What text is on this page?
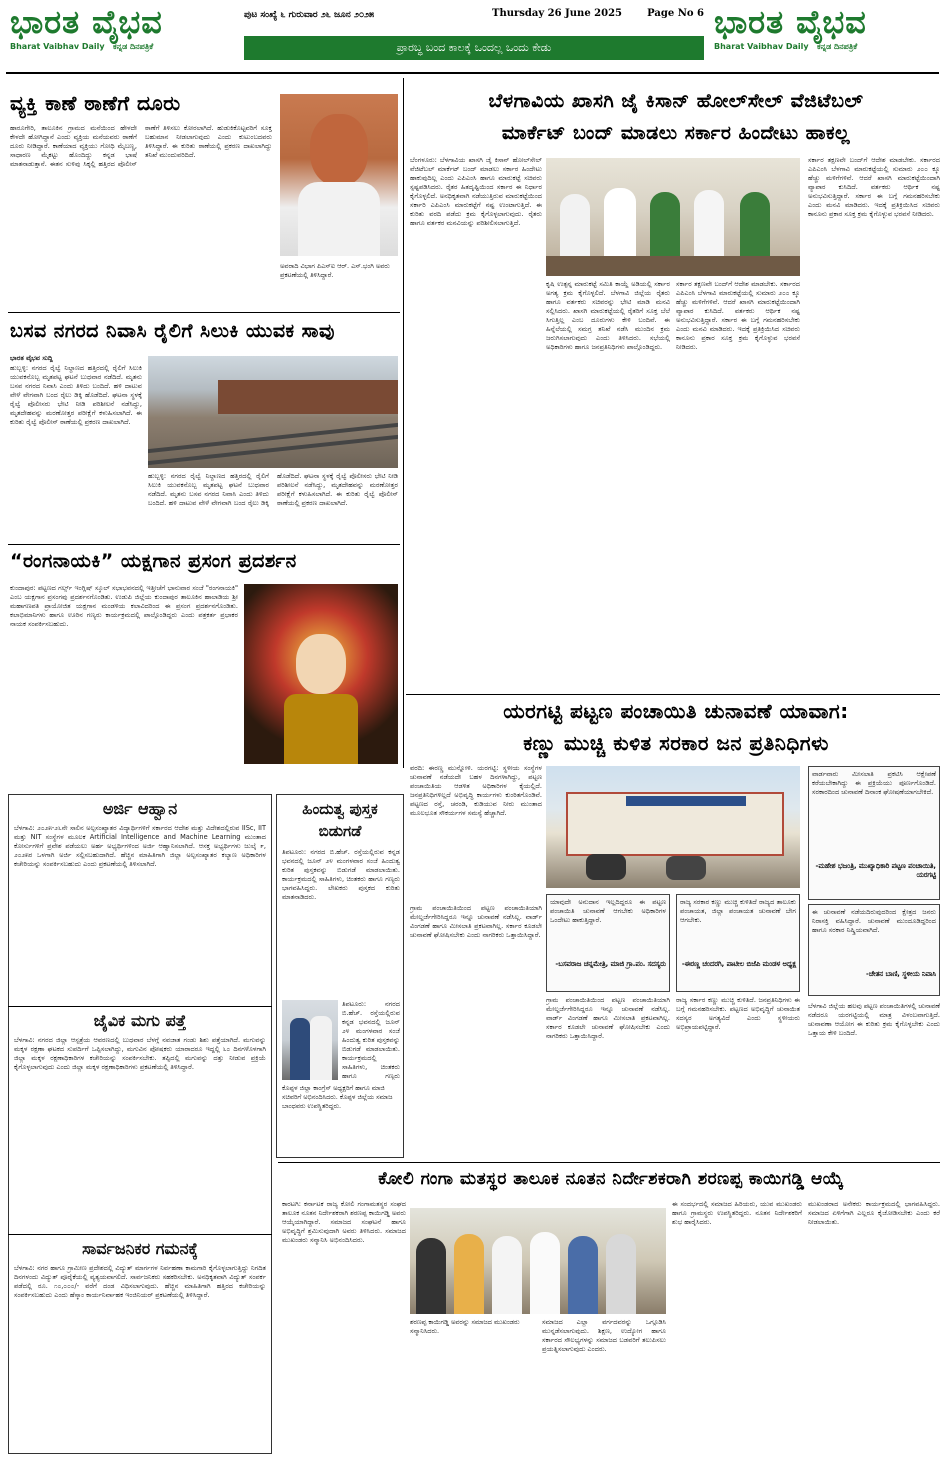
ಭಾರತ ವೈಭವ
Bharat Vaibhav Daily ಕನ್ನಡ ದಿನಪತ್ರಿಕೆ
ಪುಟ ಸಂಖ್ಯೆ ೬ ಗುರುವಾರ ೨೬ ಜೂನ ೨೦೨೫	Thursday 26 June 2025	Page No 6
ಪ್ರಾರಬ್ಧ ಬಂದ ಕಾಲಕ್ಕೆ ಒಂದಲ್ಲ ಒಂದು ಕೇಡು
ಭಾರತ ವೈಭವ
Bharat Vaibhav Daily ಕನ್ನಡ ದಿನಪತ್ರಿಕೆ
ವ್ಯಕ್ತಿ ಕಾಣೆ ಠಾಣೆಗೆ ದೂರು
ಹಾರೂಗೇರಿ, ತಾಲೂಕಿನ ಗ್ರಾಮದ ಮನೆಯಿಂದ ಹೇಳದೇ ಕೇಳದೇ ಹೋಗಿದ್ದಾನೆ ಎಂದು ವ್ಯಕ್ತಿಯ ಮನೆಯವರು ಠಾಣೆಗೆ ದೂರು ನೀಡಿದ್ದಾರೆ. ಕಾಣೆಯಾದ ವ್ಯಕ್ತಿಯು ಗೋಧಿ ಮೈಬಣ್ಣ, ಸಾಧಾರಣ ಮೈಕಟ್ಟು ಹೊಂದಿದ್ದು ಕನ್ನಡ ಭಾಷೆ ಮಾತನಾಡುತ್ತಾನೆ. ಈತನ ಸುಳಿವು ಸಿಕ್ಕಲ್ಲಿ ಹತ್ತಿರದ ಪೊಲೀಸ್ ಠಾಣೆಗೆ ತಿಳಿಸಲು ಕೋರಲಾಗಿದೆ. ಹುಡುಕಿಕೊಟ್ಟವರಿಗೆ ಸೂಕ್ತ ಬಹುಮಾನ ನೀಡಲಾಗುವುದು ಎಂದು ಕುಟುಂಬದವರು ತಿಳಿಸಿದ್ದಾರೆ. ಈ ಕುರಿತು ಠಾಣೆಯಲ್ಲಿ ಪ್ರಕರಣ ದಾಖಲಾಗಿದ್ದು ತನಿಖೆ ಮುಂದುವರಿದಿದೆ.
ಅವರಾದಿ ವಿಭಾಗ ಪಿಎಸ್ಐ ಆರ್. ಎಸ್.ಭಂಗಿ ಅವರು ಪ್ರಕಟಣೆಯಲ್ಲಿ ತಿಳಿಸಿದ್ದಾರೆ.
ಬಸವ ನಗರದ ನಿವಾಸಿ ರೈಲಿಗೆ ಸಿಲುಕಿ ಯುವಕ ಸಾವು
ಭಾರತ ವೈಭವ ಸುದ್ದಿ
ಹುಬ್ಬಳ್ಳಿ: ನಗರದ ರೈಲ್ವೆ ನಿಲ್ದಾಣದ ಹತ್ತಿರದಲ್ಲಿ ರೈಲಿಗೆ ಸಿಲುಕಿ ಯುವಕನೊಬ್ಬ ಮೃತಪಟ್ಟ ಘಟನೆ ಬುಧವಾರ ನಡೆದಿದೆ. ಮೃತನು ಬಸವ ನಗರದ ನಿವಾಸಿ ಎಂದು ತಿಳಿದು ಬಂದಿದೆ. ಹಳಿ ದಾಟುವ ವೇಳೆ ವೇಗವಾಗಿ ಬಂದ ರೈಲು ಡಿಕ್ಕಿ ಹೊಡೆದಿದೆ. ಘಟನಾ ಸ್ಥಳಕ್ಕೆ ರೈಲ್ವೆ ಪೊಲೀಸರು ಭೇಟಿ ನೀಡಿ ಪರಿಶೀಲನೆ ನಡೆಸಿದ್ದು, ಮೃತದೇಹವನ್ನು ಮರಣೋತ್ತರ ಪರೀಕ್ಷೆಗೆ ಕಳುಹಿಸಲಾಗಿದೆ. ಈ ಕುರಿತು ರೈಲ್ವೆ ಪೊಲೀಸ್ ಠಾಣೆಯಲ್ಲಿ ಪ್ರಕರಣ ದಾಖಲಾಗಿದೆ.
ಹುಬ್ಬಳ್ಳಿ: ನಗರದ ರೈಲ್ವೆ ನಿಲ್ದಾಣದ ಹತ್ತಿರದಲ್ಲಿ ರೈಲಿಗೆ ಸಿಲುಕಿ ಯುವಕನೊಬ್ಬ ಮೃತಪಟ್ಟ ಘಟನೆ ಬುಧವಾರ ನಡೆದಿದೆ. ಮೃತನು ಬಸವ ನಗರದ ನಿವಾಸಿ ಎಂದು ತಿಳಿದು ಬಂದಿದೆ. ಹಳಿ ದಾಟುವ ವೇಳೆ ವೇಗವಾಗಿ ಬಂದ ರೈಲು ಡಿಕ್ಕಿ ಹೊಡೆದಿದೆ. ಘಟನಾ ಸ್ಥಳಕ್ಕೆ ರೈಲ್ವೆ ಪೊಲೀಸರು ಭೇಟಿ ನೀಡಿ ಪರಿಶೀಲನೆ ನಡೆಸಿದ್ದು, ಮೃತದೇಹವನ್ನು ಮರಣೋತ್ತರ ಪರೀಕ್ಷೆಗೆ ಕಳುಹಿಸಲಾಗಿದೆ. ಈ ಕುರಿತು ರೈಲ್ವೆ ಪೊಲೀಸ್ ಠಾಣೆಯಲ್ಲಿ ಪ್ರಕರಣ ದಾಖಲಾಗಿದೆ.
“ರಂಗನಾಯಕಿ” ಯಕ್ಷಗಾನ ಪ್ರಸಂಗ ಪ್ರದರ್ಶನ
ಕುಂದಾಪುರ: ಪಟ್ಟಣದ ಗರ್ಲ್ಸ್ ಇಂಗ್ಲಿಷ್ ಸ್ಕೂಲ್ ಸಭಾಭವನದಲ್ಲಿ ಇತ್ತೀಚೆಗೆ ಭಾನುವಾರ ಸಂಜೆ "ರಂಗನಾಯಕಿ" ಎಂಬ ಯಕ್ಷಗಾನ ಪ್ರಸಂಗವು ಪ್ರದರ್ಶನಗೊಂಡಿತು. ಉಡುಪಿ ಜಿಲ್ಲೆಯ ಕುಂದಾಪುರ ತಾಲೂಕಿನ ಹಾಲಾಡಿಯ ಶ್ರೀ ಮಹಾಗಣಪತಿ ಪ್ರಾಯೋಜಿತ ಯಕ್ಷಗಾನ ಮಂಡಳಿಯ ಕಲಾವಿದರಿಂದ ಈ ಪ್ರಸಂಗ ಪ್ರದರ್ಶನಗೊಂಡಿತು. ಕಲಾಭಿಮಾನಿಗಳು ಹಾಗೂ ಊರಿನ ಗಣ್ಯರು ಕಾರ್ಯಕ್ರಮದಲ್ಲಿ ಪಾಲ್ಗೊಂಡಿದ್ದರು ಎಂದು ಪತ್ರಕರ್ತ ಪ್ರಭಾಕರ ನಾಯಕ ಸಂಪರ್ಕಿಸಬಹುದು.
ಬೆಳಗಾವಿಯ ಖಾಸಗಿ ಜೈ ಕಿಸಾನ್ ಹೋಲ್‌ಸೇಲ್ ವೆಜಿಟೆಬಲ್
ಮಾರ್ಕೆಟ್ ಬಂದ್ ಮಾಡಲು ಸರ್ಕಾರ ಹಿಂದೇಟು ಹಾಕಲ್ಲ
ಬೆಂಗಳೂರು: ಬೆಳಗಾವಿಯ ಖಾಸಗಿ ಜೈ ಕಿಸಾನ್ ಹೋಲ್‌ಸೇಲ್ ವೆಜಿಟೆಬಲ್ ಮಾರ್ಕೆಟ್ ಬಂದ್ ಮಾಡಲು ಸರ್ಕಾರ ಹಿಂದೇಟು ಹಾಕುವುದಿಲ್ಲ ಎಂದು ಎಪಿಎಂಸಿ ಹಾಗೂ ಮಾರುಕಟ್ಟೆ ಸಚಿವರು ಸ್ಪಷ್ಟಪಡಿಸಿದರು. ರೈತರ ಹಿತದೃಷ್ಟಿಯಿಂದ ಸರ್ಕಾರ ಈ ನಿರ್ಧಾರ ಕೈಗೊಳ್ಳಲಿದೆ. ಅನಧಿಕೃತವಾಗಿ ನಡೆಯುತ್ತಿರುವ ಮಾರುಕಟ್ಟೆಯಿಂದ ಸರ್ಕಾರಿ ಎಪಿಎಂಸಿ ಮಾರುಕಟ್ಟೆಗೆ ನಷ್ಟ ಉಂಟಾಗುತ್ತಿದೆ. ಈ ಕುರಿತು ವರದಿ ಪಡೆದು ಕ್ರಮ ಕೈಗೊಳ್ಳಲಾಗುವುದು. ರೈತರು ಹಾಗೂ ವರ್ತಕರ ಮನವಿಯನ್ನು ಪರಿಶೀಲಿಸಲಾಗುತ್ತಿದೆ.
ಕೃಷಿ ಉತ್ಪನ್ನ ಮಾರುಕಟ್ಟೆ ಸಮಿತಿ ಕಾಯ್ದೆ ಅಡಿಯಲ್ಲಿ ಸರ್ಕಾರ ಅಗತ್ಯ ಕ್ರಮ ಕೈಗೊಳ್ಳಲಿದೆ. ಬೆಳಗಾವಿ ಜಿಲ್ಲೆಯ ರೈತರು ಹಾಗೂ ವರ್ತಕರು ಸಚಿವರನ್ನು ಭೇಟಿ ಮಾಡಿ ಮನವಿ ಸಲ್ಲಿಸಿದರು. ಖಾಸಗಿ ಮಾರುಕಟ್ಟೆಯಲ್ಲಿ ರೈತರಿಗೆ ಸೂಕ್ತ ಬೆಲೆ ಸಿಗುತ್ತಿಲ್ಲ ಎಂಬ ದೂರುಗಳು ಕೇಳಿ ಬಂದಿವೆ. ಈ ಹಿನ್ನೆಲೆಯಲ್ಲಿ ಸಮಗ್ರ ತನಿಖೆ ನಡೆಸಿ ಮುಂದಿನ ಕ್ರಮ ಜರುಗಿಸಲಾಗುವುದು ಎಂದು ತಿಳಿಸಿದರು. ಸಭೆಯಲ್ಲಿ ಅಧಿಕಾರಿಗಳು ಹಾಗೂ ಜನಪ್ರತಿನಿಧಿಗಳು ಪಾಲ್ಗೊಂಡಿದ್ದರು.
ಸರ್ಕಾರ ತಕ್ಷಣವೇ ಬಂದ್‌ಗೆ ಆದೇಶ ಮಾಡಬೇಕು. ಸರ್ಕಾರದ ಎಪಿಎಂಸಿ ಬೆಳಗಾವಿ ಮಾರುಕಟ್ಟೆಯಲ್ಲಿ ಸುಮಾರು ೨೦೦ ಕ್ಕೂ ಹೆಚ್ಚು ಮಳಿಗೆಗಳಿವೆ. ಆದರೆ ಖಾಸಗಿ ಮಾರುಕಟ್ಟೆಯಿಂದಾಗಿ ವ್ಯಾಪಾರ ಕುಸಿದಿದೆ. ವರ್ತಕರು ಆರ್ಥಿಕ ನಷ್ಟ ಅನುಭವಿಸುತ್ತಿದ್ದಾರೆ. ಸರ್ಕಾರ ಈ ಬಗ್ಗೆ ಗಮನಹರಿಸಬೇಕು ಎಂದು ಮನವಿ ಮಾಡಿದರು. ಇದಕ್ಕೆ ಪ್ರತಿಕ್ರಿಯಿಸಿದ ಸಚಿವರು ಕಾನೂನು ಪ್ರಕಾರ ಸೂಕ್ತ ಕ್ರಮ ಕೈಗೊಳ್ಳುವ ಭರವಸೆ ನೀಡಿದರು.
ಸರ್ಕಾರ ತಕ್ಷಣವೇ ಬಂದ್‌ಗೆ ಆದೇಶ ಮಾಡಬೇಕು. ಸರ್ಕಾರದ ಎಪಿಎಂಸಿ ಬೆಳಗಾವಿ ಮಾರುಕಟ್ಟೆಯಲ್ಲಿ ಸುಮಾರು ೨೦೦ ಕ್ಕೂ ಹೆಚ್ಚು ಮಳಿಗೆಗಳಿವೆ. ಆದರೆ ಖಾಸಗಿ ಮಾರುಕಟ್ಟೆಯಿಂದಾಗಿ ವ್ಯಾಪಾರ ಕುಸಿದಿದೆ. ವರ್ತಕರು ಆರ್ಥಿಕ ನಷ್ಟ ಅನುಭವಿಸುತ್ತಿದ್ದಾರೆ. ಸರ್ಕಾರ ಈ ಬಗ್ಗೆ ಗಮನಹರಿಸಬೇಕು ಎಂದು ಮನವಿ ಮಾಡಿದರು. ಇದಕ್ಕೆ ಪ್ರತಿಕ್ರಿಯಿಸಿದ ಸಚಿವರು ಕಾನೂನು ಪ್ರಕಾರ ಸೂಕ್ತ ಕ್ರಮ ಕೈಗೊಳ್ಳುವ ಭರವಸೆ ನೀಡಿದರು.
ಯರಗಟ್ಟಿ ಪಟ್ಟಣ ಪಂಚಾಯಿತಿ ಚುನಾವಣೆ ಯಾವಾಗ:
ಕಣ್ಣು ಮುಚ್ಚಿ ಕುಳಿತ ಸರಕಾರ ಜನ ಪ್ರತಿನಿಧಿಗಳು
ವರದಿ: ಈರಣ್ಣ ಮುನ್ನೋಳಿ. ಯರಗಟ್ಟಿ: ಸ್ಥಳೀಯ ಸಂಸ್ಥೆಗಳ ಚುನಾವಣೆ ನಡೆಯದೇ ಬಹಳ ದಿನಗಳಾಗಿದ್ದು, ಪಟ್ಟಣ ಪಂಚಾಯಿತಿಯ ಆಡಳಿತ ಅಧಿಕಾರಿಗಳ ಕೈಯಲ್ಲಿದೆ. ಜನಪ್ರತಿನಿಧಿಗಳಿಲ್ಲದೆ ಅಭಿವೃದ್ಧಿ ಕಾರ್ಯಗಳು ಕುಂಠಿತಗೊಂಡಿವೆ. ಪಟ್ಟಣದ ರಸ್ತೆ, ಚರಂಡಿ, ಕುಡಿಯುವ ನೀರು ಮುಂತಾದ ಮೂಲಭೂತ ಸೌಕರ್ಯಗಳ ಸಮಸ್ಯೆ ಹೆಚ್ಚಾಗಿದೆ.
ವಾರ್ಡವಾರು ಮೀಸಲಾತಿ ಪ್ರಕಟಿಸಿ ಆಕ್ಷೇಪಣೆ ಕರೆಯಬೇಕಾಗಿದ್ದು ಈ ಪ್ರಕ್ರಿಯೆಯು ಪೂರ್ಣಗೊಂಡಿದೆ. ಸರಕಾರದಿಂದ ಚುನಾವಣೆ ದಿನಾಂಕ ಘೋಷಣೆಯಾಗಬೇಕಿದೆ.
-ಮಹೇಶ ಭಜಂತ್ರಿ, ಮುಖ್ಯಾಧಿಕಾರಿ ಪಟ್ಟಣ ಪಂಚಾಯಿತಿ, ಯರಗಟ್ಟಿ
ಯಾವುದೇ ಅನುದಾನ ಇಲ್ಲದಿದ್ದರೂ ಈ ಪಟ್ಟಣ ಪಂಚಾಯಿತಿ ಚುನಾವಣೆ ಆಗಬೇಕು ಅಧಿಕಾರಿಗಳ ಒಂದೇಟು ಹಾಕುತ್ತಿದ್ದಾರೆ.
-ಬಸವರಾಜ ಚನ್ನಮೇತ್ರಿ, ಮಾಜಿ ಗ್ರಾ.ಪಂ. ಸದಸ್ಯರು
ರಾಜ್ಯ ಸರಕಾರ ಕಣ್ಣು ಮುಚ್ಚಿ ಕುಳಿತಿದೆ ರಾಜ್ಯದ ತಾಲೂಕು ಪಂಚಾಯತ, ಜಿಲ್ಲಾ ಪಂಚಾಯತ ಚುನಾವಣೆ ಬೇಗ ಆಗಬೇಕು.
-ಈರಣ್ಣ ಚಂದರಗಿ, ಪಾಟೀಲ ಬಿಜೆಪಿ ಮಂಡಳ ಅಧ್ಯಕ್ಷ
ಗ್ರಾಮ ಪಂಚಾಯಿತಿಯಿಂದ ಪಟ್ಟಣ ಪಂಚಾಯಿತಿಯಾಗಿ ಮೇಲ್ದರ್ಜೆಗೇರಿಸಿದ್ದರೂ ಇನ್ನೂ ಚುನಾವಣೆ ನಡೆಸಿಲ್ಲ. ವಾರ್ಡ್ ವಿಂಗಡಣೆ ಹಾಗೂ ಮೀಸಲಾತಿ ಪ್ರಕಟವಾಗಿಲ್ಲ. ಸರ್ಕಾರ ಕೂಡಲೇ ಚುನಾವಣೆ ಘೋಷಿಸಬೇಕು ಎಂದು ನಾಗರಿಕರು ಒತ್ತಾಯಿಸಿದ್ದಾರೆ.
ಗ್ರಾಮ ಪಂಚಾಯಿತಿಯಿಂದ ಪಟ್ಟಣ ಪಂಚಾಯಿತಿಯಾಗಿ ಮೇಲ್ದರ್ಜೆಗೇರಿಸಿದ್ದರೂ ಇನ್ನೂ ಚುನಾವಣೆ ನಡೆಸಿಲ್ಲ. ವಾರ್ಡ್ ವಿಂಗಡಣೆ ಹಾಗೂ ಮೀಸಲಾತಿ ಪ್ರಕಟವಾಗಿಲ್ಲ. ಸರ್ಕಾರ ಕೂಡಲೇ ಚುನಾವಣೆ ಘೋಷಿಸಬೇಕು ಎಂದು ನಾಗರಿಕರು ಒತ್ತಾಯಿಸಿದ್ದಾರೆ.
ರಾಜ್ಯ ಸರ್ಕಾರ ಕಣ್ಣು ಮುಚ್ಚಿ ಕುಳಿತಿದೆ. ಜನಪ್ರತಿನಿಧಿಗಳು ಈ ಬಗ್ಗೆ ಗಮನಹರಿಸಬೇಕು. ಪಟ್ಟಣದ ಅಭಿವೃದ್ಧಿಗೆ ಚುನಾಯಿತ ಸದಸ್ಯರ ಅಗತ್ಯವಿದೆ ಎಂದು ಸ್ಥಳೀಯರು ಅಭಿಪ್ರಾಯಪಟ್ಟಿದ್ದಾರೆ.
ಈ ಚುನಾವಣೆ ನಡೆಯದಿರುವುದರಿಂದ ಕ್ಷೇತ್ರದ ಜನರು ನಿರಾಸಕ್ತಿ ವಹಿಸಿದ್ದಾರೆ. ಚುನಾವಣೆ ಮುಂದೂಡಿದ್ದರಿಂದ ಹಾಗೂ ಸರಕಾರ ನಿಷ್ಕ್ರಿಯವಾಗಿದೆ.
-ಚೇತನ ಬಾಣಿ, ಸ್ಥಳೀಯ ನಿವಾಸಿ
ಬೆಳಗಾವಿ ಜಿಲ್ಲೆಯ ಹಲವು ಪಟ್ಟಣ ಪಂಚಾಯಿತಿಗಳಲ್ಲಿ ಚುನಾವಣೆ ನಡೆದರೂ ಯರಗಟ್ಟಿಯಲ್ಲಿ ಮಾತ್ರ ವಿಳಂಬವಾಗುತ್ತಿದೆ. ಚುನಾವಣಾ ಆಯೋಗ ಈ ಕುರಿತು ಕ್ರಮ ಕೈಗೊಳ್ಳಬೇಕು ಎಂದು ಒತ್ತಾಯ ಕೇಳಿ ಬಂದಿದೆ.
ಕೋಲಿ ಗಂಗಾ ಮತಸ್ಥರ ತಾಲೂಕ ನೂತನ ನಿರ್ದೇಶಕರಾಗಿ ಶರಣಪ್ಪ ಕಾಯಿಗಡ್ಡಿ ಆಯ್ಕೆ
ಕಾರಟಗಿ: ಕರ್ನಾಟಕ ರಾಜ್ಯ ಕೋಲಿ ಗಂಗಾಮತಸ್ಥರ ಸಂಘದ ತಾಲೂಕ ನೂತನ ನಿರ್ದೇಶಕರಾಗಿ ಶರಣಪ್ಪ ಕಾಯಿಗಡ್ಡಿ ಅವರು ಆಯ್ಕೆಯಾಗಿದ್ದಾರೆ. ಸಮಾಜದ ಸಂಘಟನೆ ಹಾಗೂ ಅಭಿವೃದ್ಧಿಗೆ ಶ್ರಮಿಸುವುದಾಗಿ ಅವರು ತಿಳಿಸಿದರು. ಸಮಾಜದ ಮುಖಂಡರು ಸನ್ಮಾನಿಸಿ ಅಭಿನಂದಿಸಿದರು.
ಶರಣಪ್ಪ ಕಾಯಿಗಡ್ಡಿ ಅವರನ್ನು ಸಮಾಜದ ಮುಖಂಡರು ಸನ್ಮಾನಿಸಿದರು.
ಸಮಾಜದ ಎಲ್ಲಾ ವರ್ಗದವರನ್ನು ಒಗ್ಗೂಡಿಸಿ ಮುನ್ನಡೆಸಲಾಗುವುದು. ಶಿಕ್ಷಣ, ಉದ್ಯೋಗ ಹಾಗೂ ಸರ್ಕಾರದ ಸೌಲಭ್ಯಗಳನ್ನು ಸಮಾಜದ ಬಡವರಿಗೆ ತಲುಪಿಸಲು ಪ್ರಯತ್ನಿಸಲಾಗುವುದು ಎಂದರು.
ಈ ಸಂದರ್ಭದಲ್ಲಿ ಸಮಾಜದ ಹಿರಿಯರು, ಯುವ ಮುಖಂಡರು ಹಾಗೂ ಗ್ರಾಮಸ್ಥರು ಉಪಸ್ಥಿತರಿದ್ದರು. ನೂತನ ನಿರ್ದೇಶಕರಿಗೆ ಶುಭ ಹಾರೈಸಿದರು.
ಮುಖಂಡರಾದ ಅನೇಕರು ಕಾರ್ಯಕ್ರಮದಲ್ಲಿ ಭಾಗವಹಿಸಿದ್ದರು. ಸಮಾಜದ ಏಳಿಗೆಗಾಗಿ ಎಲ್ಲರೂ ಕೈಜೋಡಿಸಬೇಕು ಎಂದು ಕರೆ ನೀಡಲಾಯಿತು.
ಅರ್ಜಿ ಆಹ್ವಾನ
ಬೆಳಗಾವಿ: ೨೦೨೫-೨೬ನೇ ಸಾಲಿನ ಅಲ್ಪಸಂಖ್ಯಾತರ ವಿದ್ಯಾರ್ಥಿಗಳಿಗೆ ಸರ್ಕಾರದ ಆದೇಶ ಮತ್ತು ವಿದೇಶದಲ್ಲಿರುವ IISc, IIT ಮತ್ತು NIT ಸಂಸ್ಥೆಗಳ ಮೂಲಕ Artificial Intelligence and Machine Learning ಮುಂತಾದ ಕೋರ್ಸುಗಳಿಗೆ ಪ್ರವೇಶ ಪಡೆಯಲು ಅರ್ಹ ಅಭ್ಯರ್ಥಿಗಳಿಂದ ಅರ್ಜಿ ಆಹ್ವಾನಿಸಲಾಗಿದೆ. ಆಸಕ್ತ ಅಭ್ಯರ್ಥಿಗಳು ಜುಲೈ ೯, ೨೦೨೫ರ ಒಳಗಾಗಿ ಅರ್ಜಿ ಸಲ್ಲಿಸಬಹುದಾಗಿದೆ. ಹೆಚ್ಚಿನ ಮಾಹಿತಿಗಾಗಿ ಜಿಲ್ಲಾ ಅಲ್ಪಸಂಖ್ಯಾತರ ಕಲ್ಯಾಣ ಅಧಿಕಾರಿಗಳ ಕಚೇರಿಯನ್ನು ಸಂಪರ್ಕಿಸಬಹುದು ಎಂದು ಪ್ರಕಟಣೆಯಲ್ಲಿ ತಿಳಿಸಲಾಗಿದೆ.
ಜೈವಿಕ ಮಗು ಪತ್ತೆ
ಬೆಳಗಾವಿ: ನಗರದ ಜಿಲ್ಲಾ ಆಸ್ಪತ್ರೆಯ ಆವರಣದಲ್ಲಿ ಬುಧವಾರ ಬೆಳಗ್ಗೆ ನವಜಾತ ಗಂಡು ಶಿಶು ಪತ್ತೆಯಾಗಿದೆ. ಮಗುವನ್ನು ಮಕ್ಕಳ ರಕ್ಷಣಾ ಘಟಕದ ಸುಪರ್ದಿಗೆ ಒಪ್ಪಿಸಲಾಗಿದ್ದು, ಮಗುವಿನ ಪೋಷಕರು ಯಾರಾದರೂ ಇದ್ದಲ್ಲಿ ೬೦ ದಿನಗಳೊಳಗಾಗಿ ಜಿಲ್ಲಾ ಮಕ್ಕಳ ರಕ್ಷಣಾಧಿಕಾರಿಗಳ ಕಚೇರಿಯನ್ನು ಸಂಪರ್ಕಿಸಬೇಕು. ತಪ್ಪಿದಲ್ಲಿ ಮಗುವನ್ನು ದತ್ತು ನೀಡುವ ಪ್ರಕ್ರಿಯೆ ಕೈಗೊಳ್ಳಲಾಗುವುದು ಎಂದು ಜಿಲ್ಲಾ ಮಕ್ಕಳ ರಕ್ಷಣಾಧಿಕಾರಿಗಳು ಪ್ರಕಟಣೆಯಲ್ಲಿ ತಿಳಿಸಿದ್ದಾರೆ.
ಸಾರ್ವಜನಿಕರ ಗಮನಕ್ಕೆ
ಬೆಳಗಾವಿ: ನಗರ ಹಾಗೂ ಗ್ರಾಮೀಣ ಪ್ರದೇಶದಲ್ಲಿ ವಿದ್ಯುತ್ ಮಾರ್ಗಗಳ ನಿರ್ವಹಣಾ ಕಾಮಗಾರಿ ಕೈಗೊಳ್ಳಲಾಗುತ್ತಿದ್ದು ನಿಗದಿತ ದಿನಗಳಂದು ವಿದ್ಯುತ್ ಪೂರೈಕೆಯಲ್ಲಿ ವ್ಯತ್ಯಯವಾಗಲಿದೆ. ಸಾರ್ವಜನಿಕರು ಸಹಕರಿಸಬೇಕು. ಅನಧಿಕೃತವಾಗಿ ವಿದ್ಯುತ್ ಸಂಪರ್ಕ ಪಡೆದಲ್ಲಿ ರೂ. ೧೦,೦೦೦/- ವರೆಗೆ ದಂಡ ವಿಧಿಸಲಾಗುವುದು. ಹೆಚ್ಚಿನ ಮಾಹಿತಿಗಾಗಿ ಹತ್ತಿರದ ಕಚೇರಿಯನ್ನು ಸಂಪರ್ಕಿಸಬಹುದು ಎಂದು ಹೆಸ್ಕಾಂ ಕಾರ್ಯನಿರ್ವಾಹಕ ಇಂಜಿನಿಯರ್ ಪ್ರಕಟಣೆಯಲ್ಲಿ ತಿಳಿಸಿದ್ದಾರೆ.
ಹಿಂದುತ್ವ ಪುಸ್ತಕ
ಬಿಡುಗಡೆ
ತಿಪಟೂರು: ನಗರದ ಬಿ.ಹೆಚ್. ರಸ್ತೆಯಲ್ಲಿರುವ ಕನ್ನಡ ಭವನದಲ್ಲಿ ಜೂನ್ ೨೪ ಮಂಗಳವಾರ ಸಂಜೆ ಹಿಂದುತ್ವ ಕುರಿತ ಪುಸ್ತಕವನ್ನು ಬಿಡುಗಡೆ ಮಾಡಲಾಯಿತು. ಕಾರ್ಯಕ್ರಮದಲ್ಲಿ ಸಾಹಿತಿಗಳು, ಚಿಂತಕರು ಹಾಗೂ ಗಣ್ಯರು ಭಾಗವಹಿಸಿದ್ದರು. ಲೇಖಕರು ಪುಸ್ತಕದ ಕುರಿತು ಮಾತನಾಡಿದರು.
ತಿಪಟೂರು: ನಗರದ ಬಿ.ಹೆಚ್. ರಸ್ತೆಯಲ್ಲಿರುವ ಕನ್ನಡ ಭವನದಲ್ಲಿ ಜೂನ್ ೨೪ ಮಂಗಳವಾರ ಸಂಜೆ ಹಿಂದುತ್ವ ಕುರಿತ ಪುಸ್ತಕವನ್ನು ಬಿಡುಗಡೆ ಮಾಡಲಾಯಿತು. ಕಾರ್ಯಕ್ರಮದಲ್ಲಿ ಸಾಹಿತಿಗಳು, ಚಿಂತಕರು ಹಾಗೂ ಗಣ್ಯರು
ಕೊಪ್ಪಳ ಜಿಲ್ಲಾ ಕಾಂಗ್ರೆಸ್ ಅಧ್ಯಕ್ಷರಿಗೆ ಹಾಗೂ ಮಾಜಿ ಸಚಿವರಿಗೆ ಅಭಿನಂದಿಸಿದರು. ಕೊಪ್ಪಳ ಜಿಲ್ಲೆಯ ಸಮಾಜ ಬಾಂಧವರು ಉಪಸ್ಥಿತರಿದ್ದರು.
